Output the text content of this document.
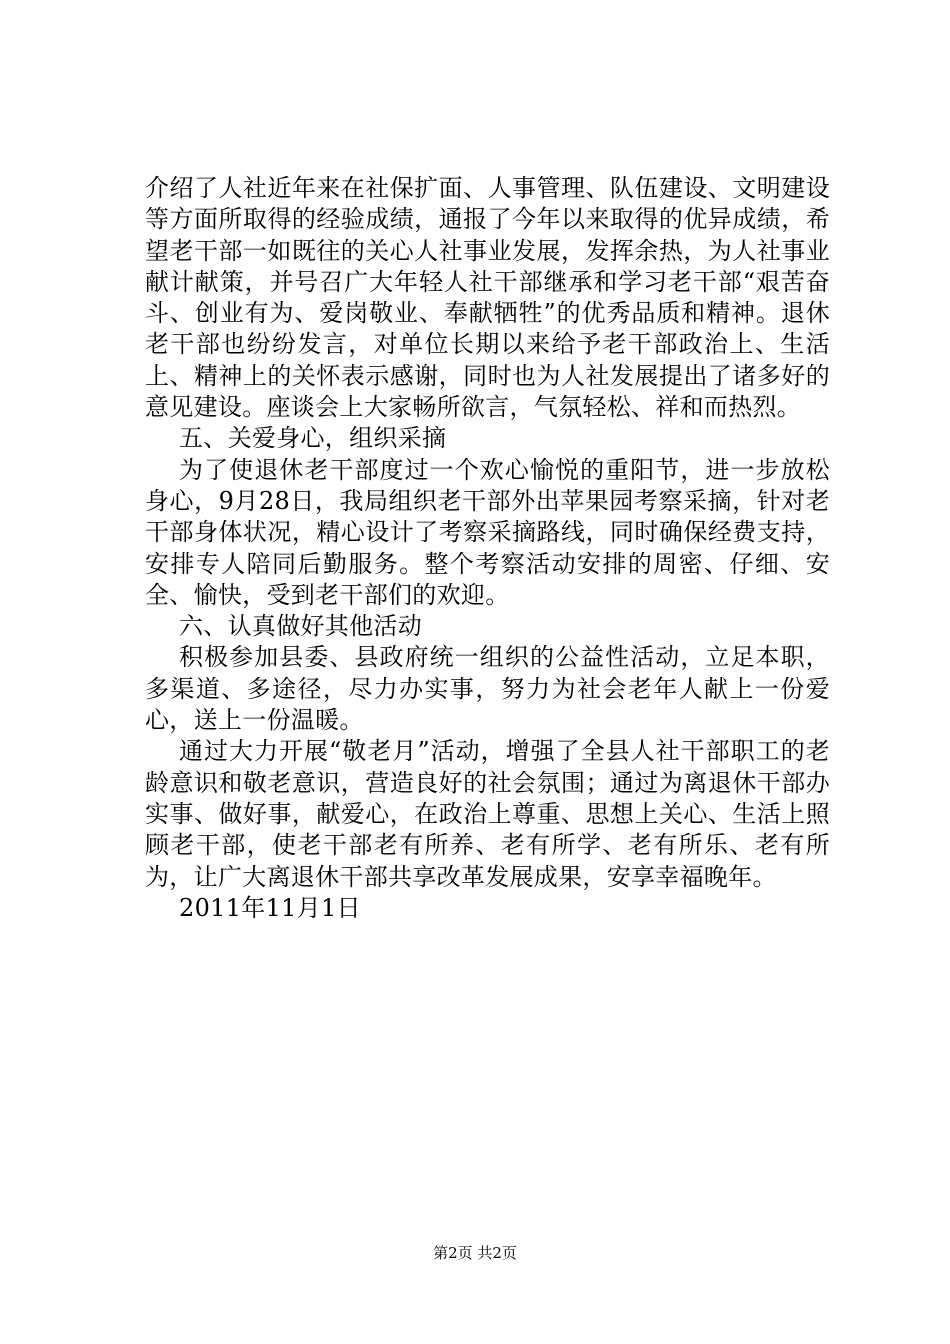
介绍了人社近年来在社保扩面、人事管理、队伍建设、文明建设等方面所取得的经验成绩，通报了今年以来取得的优异成绩，希望老干部一如既往的关心人社事业发展，发挥余热，为人社事业献计献策，并号召广大年轻人社干部继承和学习老干部“艰苦奋斗、创业有为、爱岗敬业、奉献牺牲”的优秀品质和精神。退休老干部也纷纷发言，对单位长期以来给予老干部政治上、生活上、精神上的关怀表示感谢，同时也为人社发展提出了诸多好的意见建设。座谈会上大家畅所欲言，气氛轻松、祥和而热烈。

五、关爱身心，组织采摘

为了使退休老干部度过一个欢心愉悦的重阳节，进一步放松身心，9月28日，我局组织老干部外出苹果园考察采摘，针对老干部身体状况，精心设计了考察采摘路线，同时确保经费支持，安排专人陪同后勤服务。整个考察活动安排的周密、仔细、安全、愉快，受到老干部们的欢迎。

六、认真做好其他活动

积极参加县委、县政府统一组织的公益性活动，立足本职，多渠道、多途径，尽力办实事，努力为社会老年人献上一份爱心，送上一份温暖。

通过大力开展“敬老月”活动，增强了全县人社干部职工的老龄意识和敬老意识，营造良好的社会氛围；通过为离退休干部办实事、做好事，献爱心，在政治上尊重、思想上关心、生活上照顾老干部，使老干部老有所养、老有所学、老有所乐、老有所为，让广大离退休干部共享改革发展成果，安享幸福晚年。

2011年11月1日

第2页 共2页
